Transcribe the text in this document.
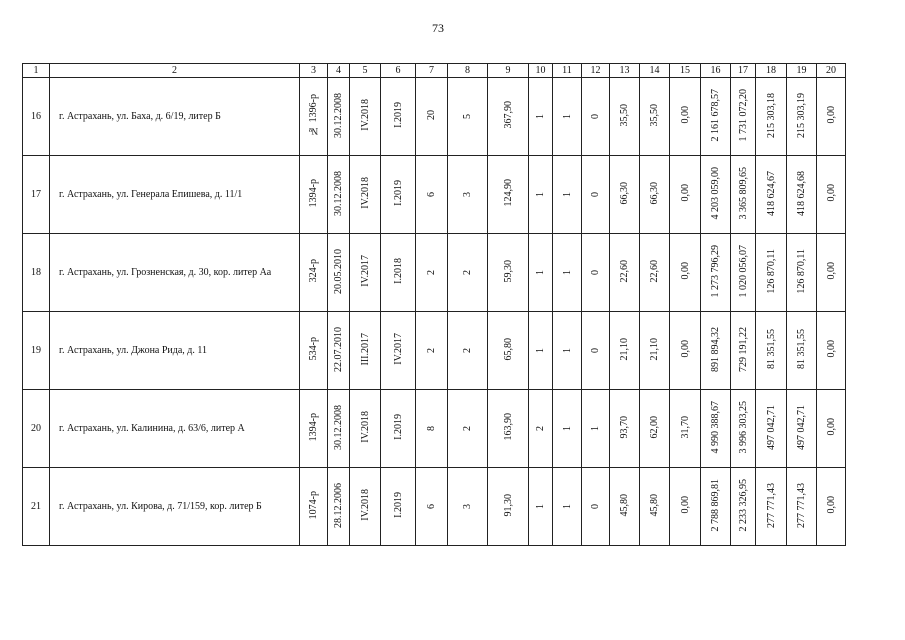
73
1	2	3	4	5	6	7	8	9	10	11	12	13	14	15	16	17	18	19	20
16	г. Астрахань, ул. Баха, д. 6/19, литер Б	№ 1396-р	30.12.2008	IV.2018	I.2019	20	5	367,90	1	1	0	35,50	35,50	0,00	2 161 678,57	1 731 072,20	215 303,18	215 303,19	0,00
17	г. Астрахань, ул. Генерала Епишева, д. 11/1	1394-р	30.12.2008	IV.2018	I.2019	6	3	124,90	1	1	0	66,30	66,30	0,00	4 203 059,00	3 365 809,65	418 624,67	418 624,68	0,00
18	г. Астрахань, ул. Грозненская, д. 30, кор. литер Аа	324-р	20.05.2010	IV.2017	I.2018	2	2	59,30	1	1	0	22,60	22,60	0,00	1 273 796,29	1 020 056,07	126 870,11	126 870,11	0,00
19	г. Астрахань, ул. Джона Рида, д. 11	534-р	22.07.2010	III.2017	IV.2017	2	2	65,80	1	1	0	21,10	21,10	0,00	891 894,32	729 191,22	81 351,55	81 351,55	0,00
20	г. Астрахань, ул. Калинина, д. 63/6, литер А	1394-р	30.12.2008	IV.2018	I.2019	8	2	163,90	2	1	1	93,70	62,00	31,70	4 990 388,67	3 996 303,25	497 042,71	497 042,71	0,00
21	г. Астрахань, ул. Кирова, д. 71/159, кор. литер Б	1074-р	28.12.2006	IV.2018	I.2019	6	3	91,30	1	1	0	45,80	45,80	0,00	2 788 869,81	2 233 326,95	277 771,43	277 771,43	0,00
